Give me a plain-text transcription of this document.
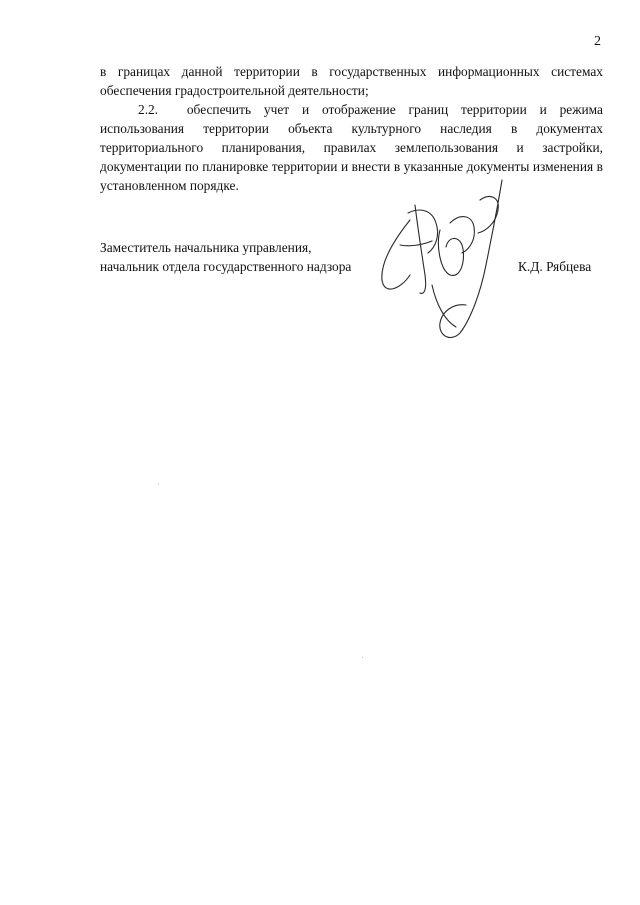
2

в границах данной территории в государственных информационных системах обеспечения градостроительной деятельности;

2.2. обеспечить учет и отображение границ территории и режима использования территории объекта культурного наследия в документах территориального планирования, правилах землепользования и застройки, документации по планировке территории и внести в указанные документы изменения в установленном порядке.

Заместитель начальника управления,
начальник отдела государственного надзора	К.Д. Рябцева
